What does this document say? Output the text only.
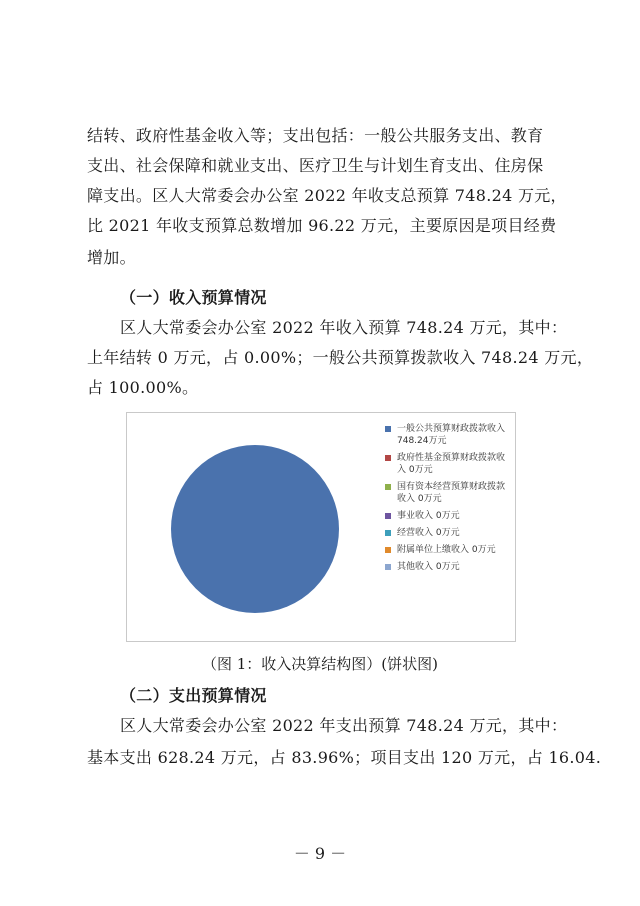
结转、政府性基金收入等；支出包括：一般公共服务支出、教育
支出、社会保障和就业支出、医疗卫生与计划生育支出、住房保
障支出。区人大常委会办公室 2022 年收支总预算 748.24 万元，
比 2021 年收支预算总数增加 96.22 万元，主要原因是项目经费
增加。
（一）收入预算情况
区人大常委会办公室 2022 年收入预算 748.24 万元，其中：
上年结转 0 万元，占 0.00%；一般公共预算拨款收入 748.24 万元，
占 100.00%。
一般公共预算财政拨款收入 748.24万元
政府性基金预算财政拨款收入 0万元
国有资本经营预算财政拨款收入 0万元
事业收入 0万元
经营收入 0万元
附属单位上缴收入 0万元
其他收入 0万元
（图 1：收入决算结构图）(饼状图)
（二）支出预算情况
区人大常委会办公室 2022 年支出预算 748.24 万元，其中：
基本支出 628.24 万元，占 83.96%；项目支出 120 万元，占 16.04.
－ 9 －
